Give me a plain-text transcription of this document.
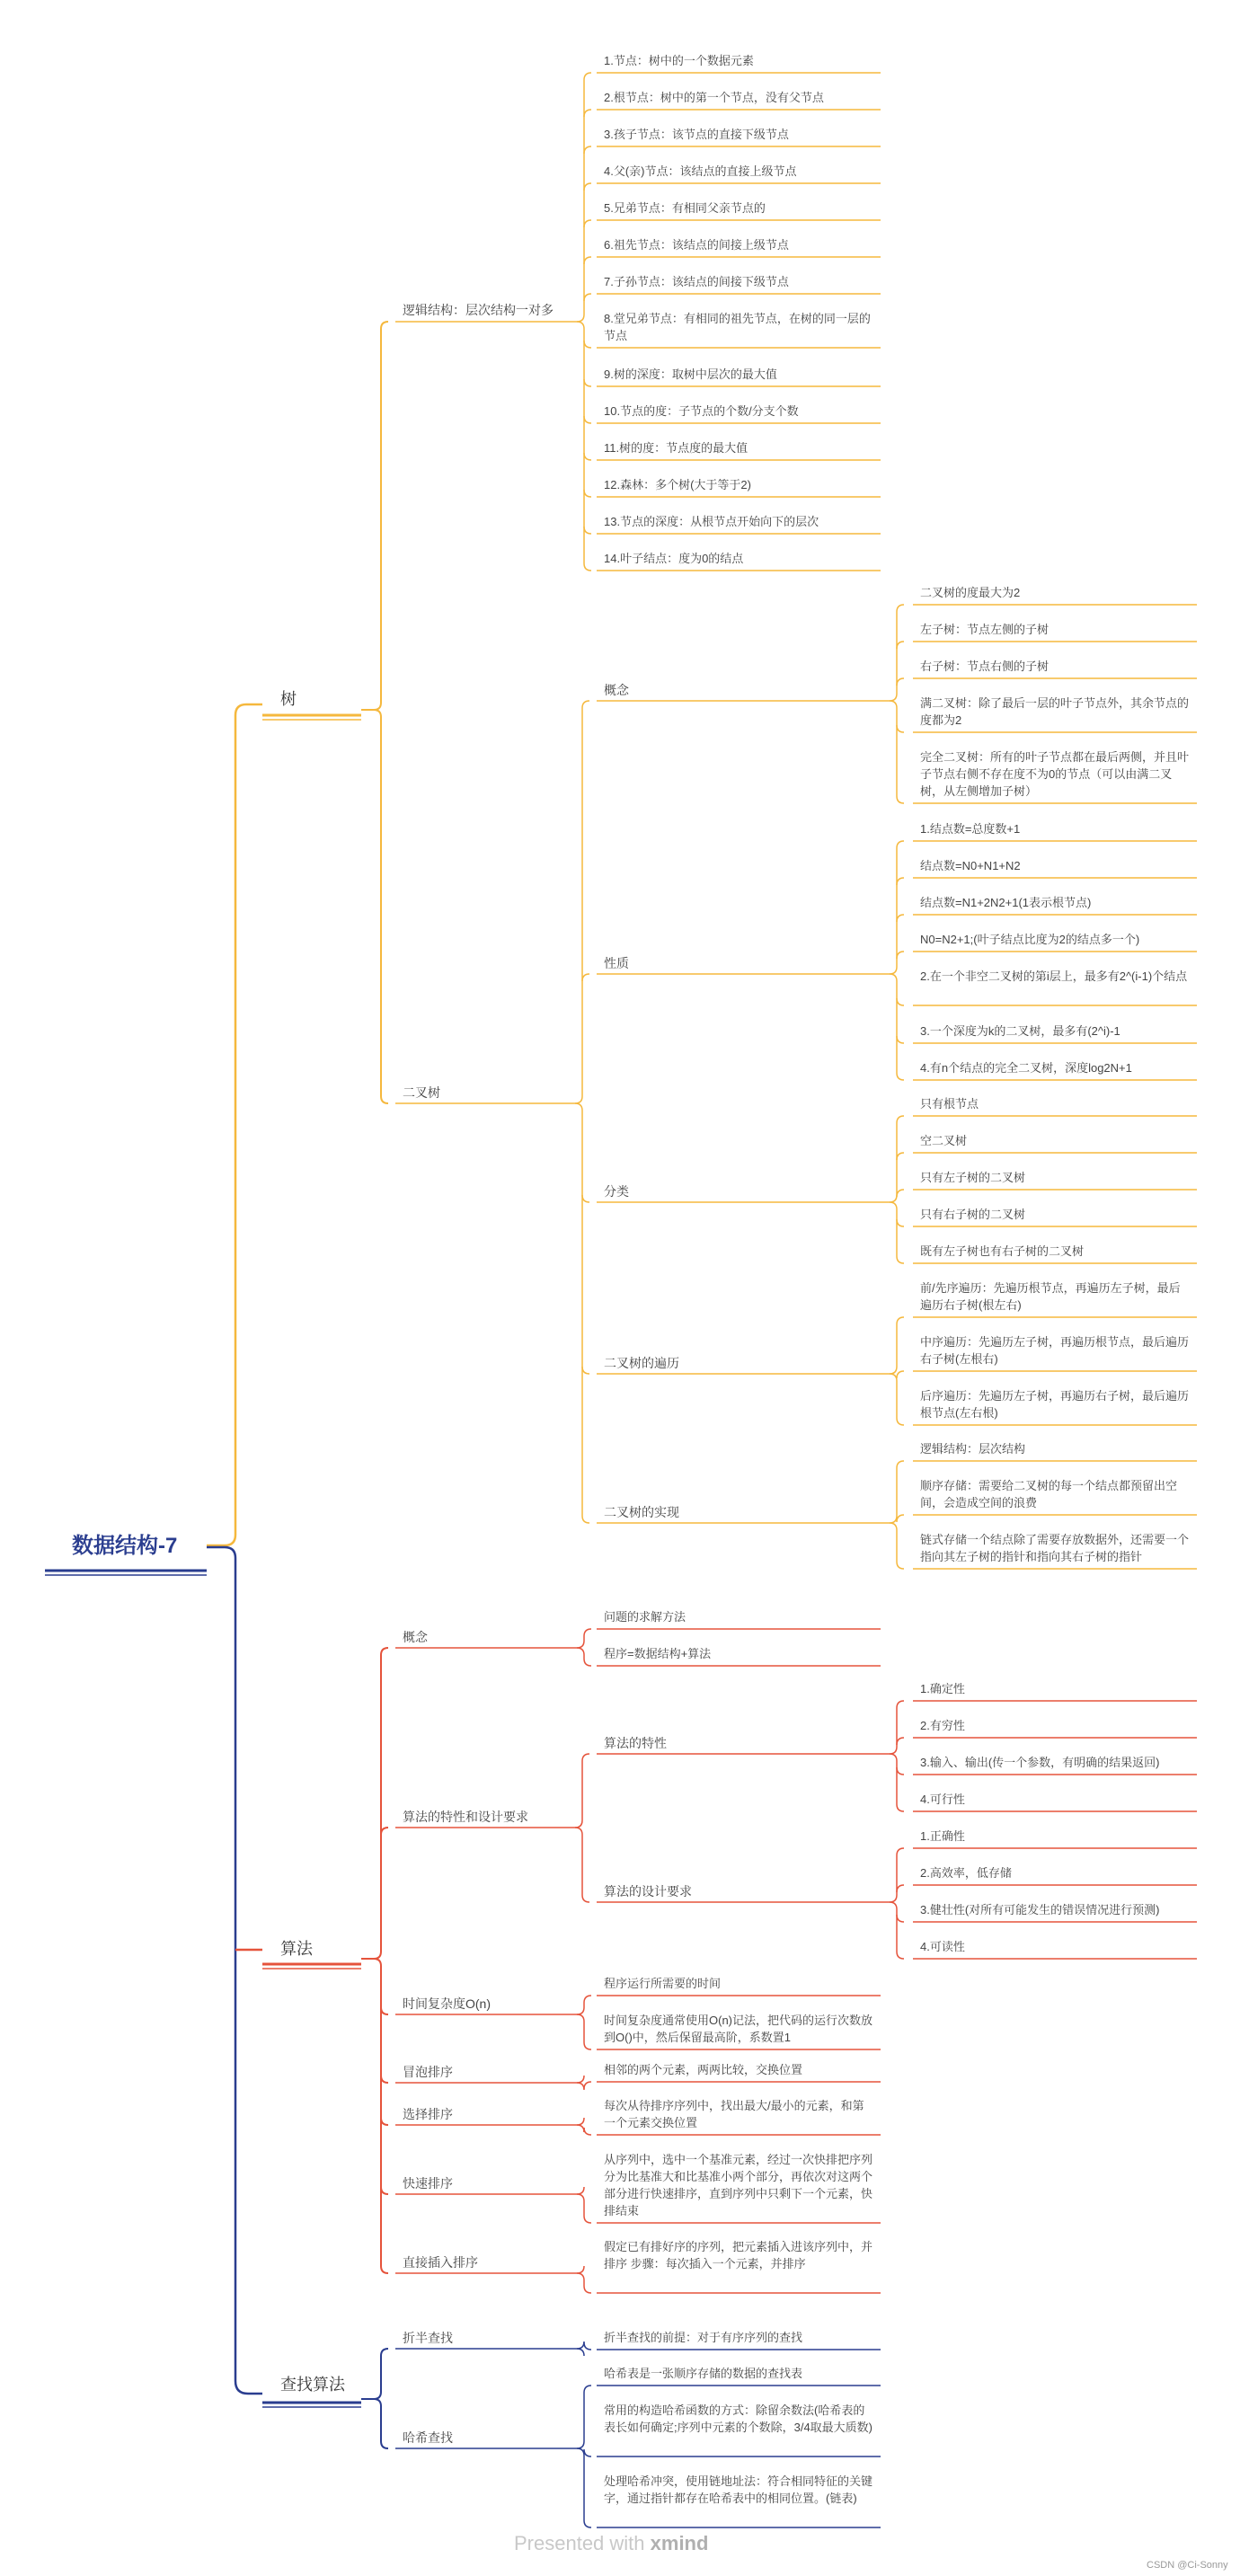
数据结构-7
树
算法
查找算法
逻辑结构：层次结构一对多
二叉树
1.节点：树中的一个数据元素
2.根节点：树中的第一个节点，没有父节点
3.孩子节点：该节点的直接下级节点
4.父(亲)节点：该结点的直接上级节点
5.兄弟节点：有相同父亲节点的
6.祖先节点：该结点的间接上级节点
7.子孙节点：该结点的间接下级节点
8.堂兄弟节点：有相同的祖先节点，在树的同一层的节点
9.树的深度：取树中层次的最大值
10.节点的度：子节点的个数/分支个数
11.树的度：节点度的最大值
12.森林：多个树(大于等于2)
13.节点的深度：从根节点开始向下的层次
14.叶子结点：度为0的结点
概念
性质
分类
二叉树的遍历
二叉树的实现
二叉树的度最大为2
左子树：节点左侧的子树
右子树：节点右侧的子树
满二叉树：除了最后一层的叶子节点外，其余节点的度都为2
完全二叉树：所有的叶子节点都在最后两侧，并且叶子节点右侧不存在度不为0的节点（可以由满二叉树，从左侧增加子树）
1.结点数=总度数+1
结点数=N0+N1+N2
结点数=N1+2N2+1(1表示根节点)
N0=N2+1;(叶子结点比度为2的结点多一个)
2.在一个非空二叉树的第i层上，最多有2^(i-1)个结点
3.一个深度为k的二叉树，最多有(2^i)-1
4.有n个结点的完全二叉树，深度log2N+1
只有根节点
空二叉树
只有左子树的二叉树
只有右子树的二叉树
既有左子树也有右子树的二叉树
前/先序遍历：先遍历根节点，再遍历左子树，最后遍历右子树(根左右)
中序遍历：先遍历左子树，再遍历根节点，最后遍历右子树(左根右)
后序遍历：先遍历左子树，再遍历右子树，最后遍历根节点(左右根)
逻辑结构：层次结构
顺序存储：需要给二叉树的每一个结点都预留出空间，会造成空间的浪费
链式存储一个结点除了需要存放数据外，还需要一个指向其左子树的指针和指向其右子树的指针
概念
算法的特性和设计要求
时间复杂度O(n)
冒泡排序
选择排序
快速排序
直接插入排序
问题的求解方法
程序=数据结构+算法
程序运行所需要的时间
时间复杂度通常使用O(n)记法，把代码的运行次数放到O()中，然后保留最高阶，系数置1
相邻的两个元素，两两比较，交换位置
每次从待排序序列中，找出最大/最小的元素，和第一个元素交换位置
从序列中，选中一个基准元素，经过一次快排把序列分为比基准大和比基准小两个部分，再依次对这两个部分进行快速排序，直到序列中只剩下一个元素，快排结束
假定已有排好序的序列，把元素插入进该序列中，并排序 步骤：每次插入一个元素，并排序
算法的特性
算法的设计要求
1.确定性
2.有穷性
3.输入、输出(传一个参数，有明确的结果返回)
4.可行性
1.正确性
2.高效率，低存储
3.健壮性(对所有可能发生的错误情况进行预测)
4.可读性
折半查找
哈希查找
折半查找的前提：对于有序序列的查找
哈希表是一张顺序存储的数据的查找表
常用的构造哈希函数的方式：除留余数法(哈希表的表长如何确定;序列中元素的个数除，3/4取最大质数)
处理哈希冲突，使用链地址法：符合相同特征的关键字，通过指针都存在哈希表中的相同位置。(链表)
Presented with xmind
CSDN @Ci-Sonny
